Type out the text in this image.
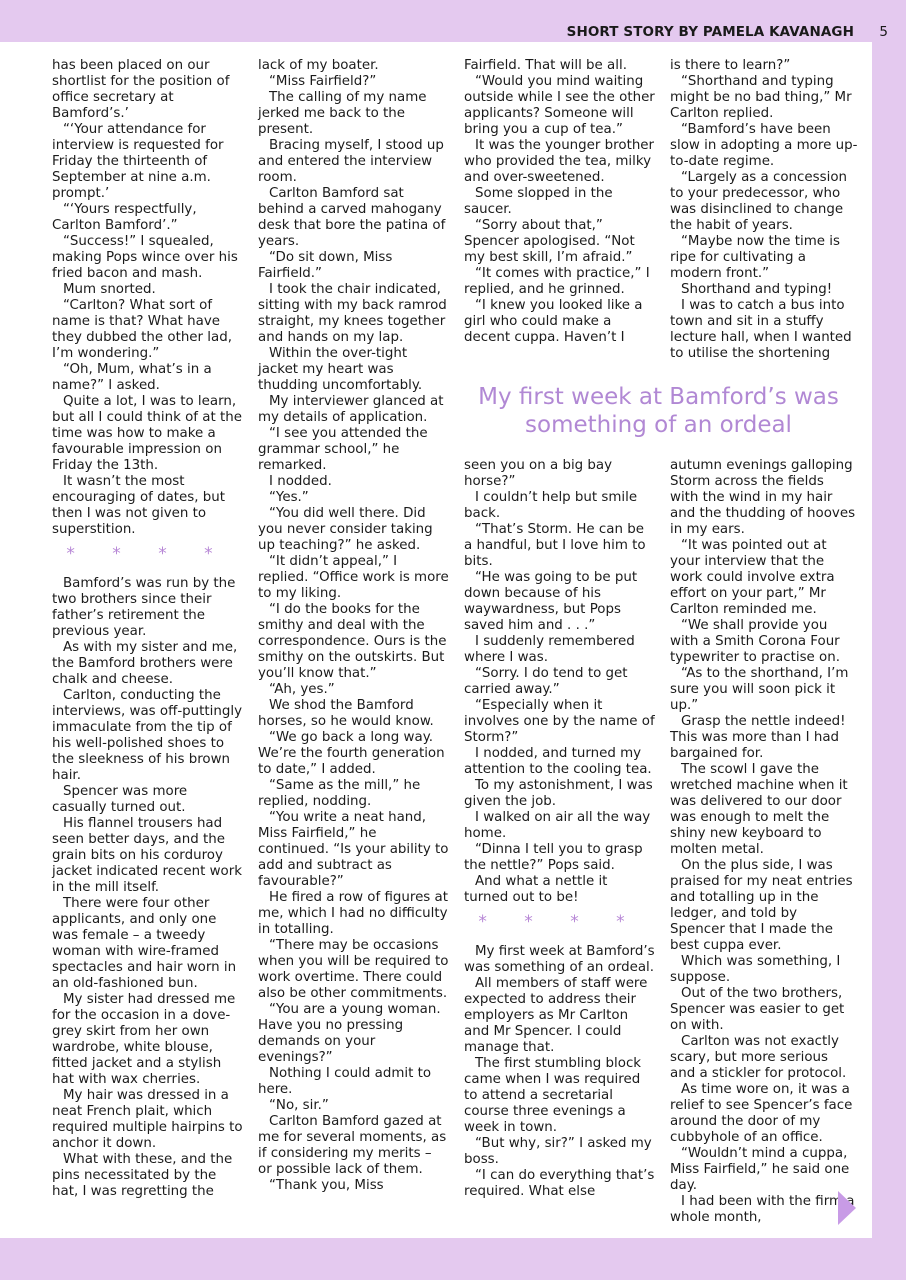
SHORT STORY BY PAMELA KAVANAGH 5

has been placed on our shortlist for the position of office secretary at Bamford’s.’

“‘Your attendance for interview is requested for Friday the thirteenth of September at nine a.m. prompt.’

“‘Yours respectfully, Carlton Bamford’.”

“Success!” I squealed, making Pops wince over his fried bacon and mash.

Mum snorted.

“Carlton? What sort of name is that? What have they dubbed the other lad, I’m wondering.”

“Oh, Mum, what’s in a name?” I asked.

Quite a lot, I was to learn, but all I could think of at the time was how to make a favourable impression on Friday the 13th.

It wasn’t the most encouraging of dates, but then I was not given to superstition.

* * * *

Bamford’s was run by the two brothers since their father’s retirement the previous year.

As with my sister and me, the Bamford brothers were chalk and cheese.

Carlton, conducting the interviews, was off-puttingly immaculate from the tip of his well-polished shoes to the sleekness of his brown hair.

Spencer was more casually turned out.

His flannel trousers had seen better days, and the grain bits on his corduroy jacket indicated recent work in the mill itself.

There were four other applicants, and only one was female – a tweedy woman with wire-framed spectacles and hair worn in an old-fashioned bun.

My sister had dressed me for the occasion in a dove-grey skirt from her own wardrobe, white blouse, fitted jacket and a stylish hat with wax cherries.

My hair was dressed in a neat French plait, which required multiple hairpins to anchor it down.

What with these, and the pins necessitated by the hat, I was regretting the

lack of my boater.

“Miss Fairfield?”

The calling of my name jerked me back to the present.

Bracing myself, I stood up and entered the interview room.

Carlton Bamford sat behind a carved mahogany desk that bore the patina of years.

“Do sit down, Miss Fairfield.”

I took the chair indicated, sitting with my back ramrod straight, my knees together and hands on my lap.

Within the over-tight jacket my heart was thudding uncomfortably.

My interviewer glanced at my details of application.

“I see you attended the grammar school,” he remarked.

I nodded.

“Yes.”

“You did well there. Did you never consider taking up teaching?” he asked.

“It didn’t appeal,” I replied. “Office work is more to my liking.

“I do the books for the smithy and deal with the correspondence. Ours is the smithy on the outskirts. But you’ll know that.”

“Ah, yes.”

We shod the Bamford horses, so he would know.

“We go back a long way. We’re the fourth generation to date,” I added.

“Same as the mill,” he replied, nodding.

“You write a neat hand, Miss Fairfield,” he continued. “Is your ability to add and subtract as favourable?”

He fired a row of figures at me, which I had no difficulty in totalling.

“There may be occasions when you will be required to work overtime. There could also be other commitments.

“You are a young woman. Have you no pressing demands on your evenings?”

Nothing I could admit to here.

“No, sir.”

Carlton Bamford gazed at me for several moments, as if considering my merits – or possible lack of them.

“Thank you, Miss

Fairfield. That will be all.

“Would you mind waiting outside while I see the other applicants? Someone will bring you a cup of tea.”

It was the younger brother who provided the tea, milky and over-sweetened.

Some slopped in the saucer.

“Sorry about that,” Spencer apologised. “Not my best skill, I’m afraid.”

“It comes with practice,” I replied, and he grinned.

“I knew you looked like a girl who could make a decent cuppa. Haven’t I

is there to learn?”

“Shorthand and typing might be no bad thing,” Mr Carlton replied.

“Bamford’s have been slow in adopting a more up-to-date regime.

“Largely as a concession to your predecessor, who was disinclined to change the habit of years.

“Maybe now the time is ripe for cultivating a modern front.”

Shorthand and typing!

I was to catch a bus into town and sit in a stuffy lecture hall, when I wanted to utilise the shortening

My first week at Bamford’s was something of an ordeal

seen you on a big bay horse?”

I couldn’t help but smile back.

“That’s Storm. He can be a handful, but I love him to bits.

“He was going to be put down because of his waywardness, but Pops saved him and . . .”

I suddenly remembered where I was.

“Sorry. I do tend to get carried away.”

“Especially when it involves one by the name of Storm?”

I nodded, and turned my attention to the cooling tea.

To my astonishment, I was given the job.

I walked on air all the way home.

“Dinna I tell you to grasp the nettle?” Pops said.

And what a nettle it turned out to be!

* * * *

My first week at Bamford’s was something of an ordeal.

All members of staff were expected to address their employers as Mr Carlton and Mr Spencer. I could manage that.

The first stumbling block came when I was required to attend a secretarial course three evenings a week in town.

“But why, sir?” I asked my boss.

“I can do everything that’s required. What else

autumn evenings galloping Storm across the fields with the wind in my hair and the thudding of hooves in my ears.

“It was pointed out at your interview that the work could involve extra effort on your part,” Mr Carlton reminded me.

“We shall provide you with a Smith Corona Four typewriter to practise on.

“As to the shorthand, I’m sure you will soon pick it up.”

Grasp the nettle indeed! This was more than I had bargained for.

The scowl I gave the wretched machine when it was delivered to our door was enough to melt the shiny new keyboard to molten metal.

On the plus side, I was praised for my neat entries and totalling up in the ledger, and told by Spencer that I made the best cuppa ever.

Which was something, I suppose.

Out of the two brothers, Spencer was easier to get on with.

Carlton was not exactly scary, but more serious and a stickler for protocol.

As time wore on, it was a relief to see Spencer’s face around the door of my cubbyhole of an office.

“Wouldn’t mind a cuppa, Miss Fairfield,” he said one day.

I had been with the firm a whole month,
